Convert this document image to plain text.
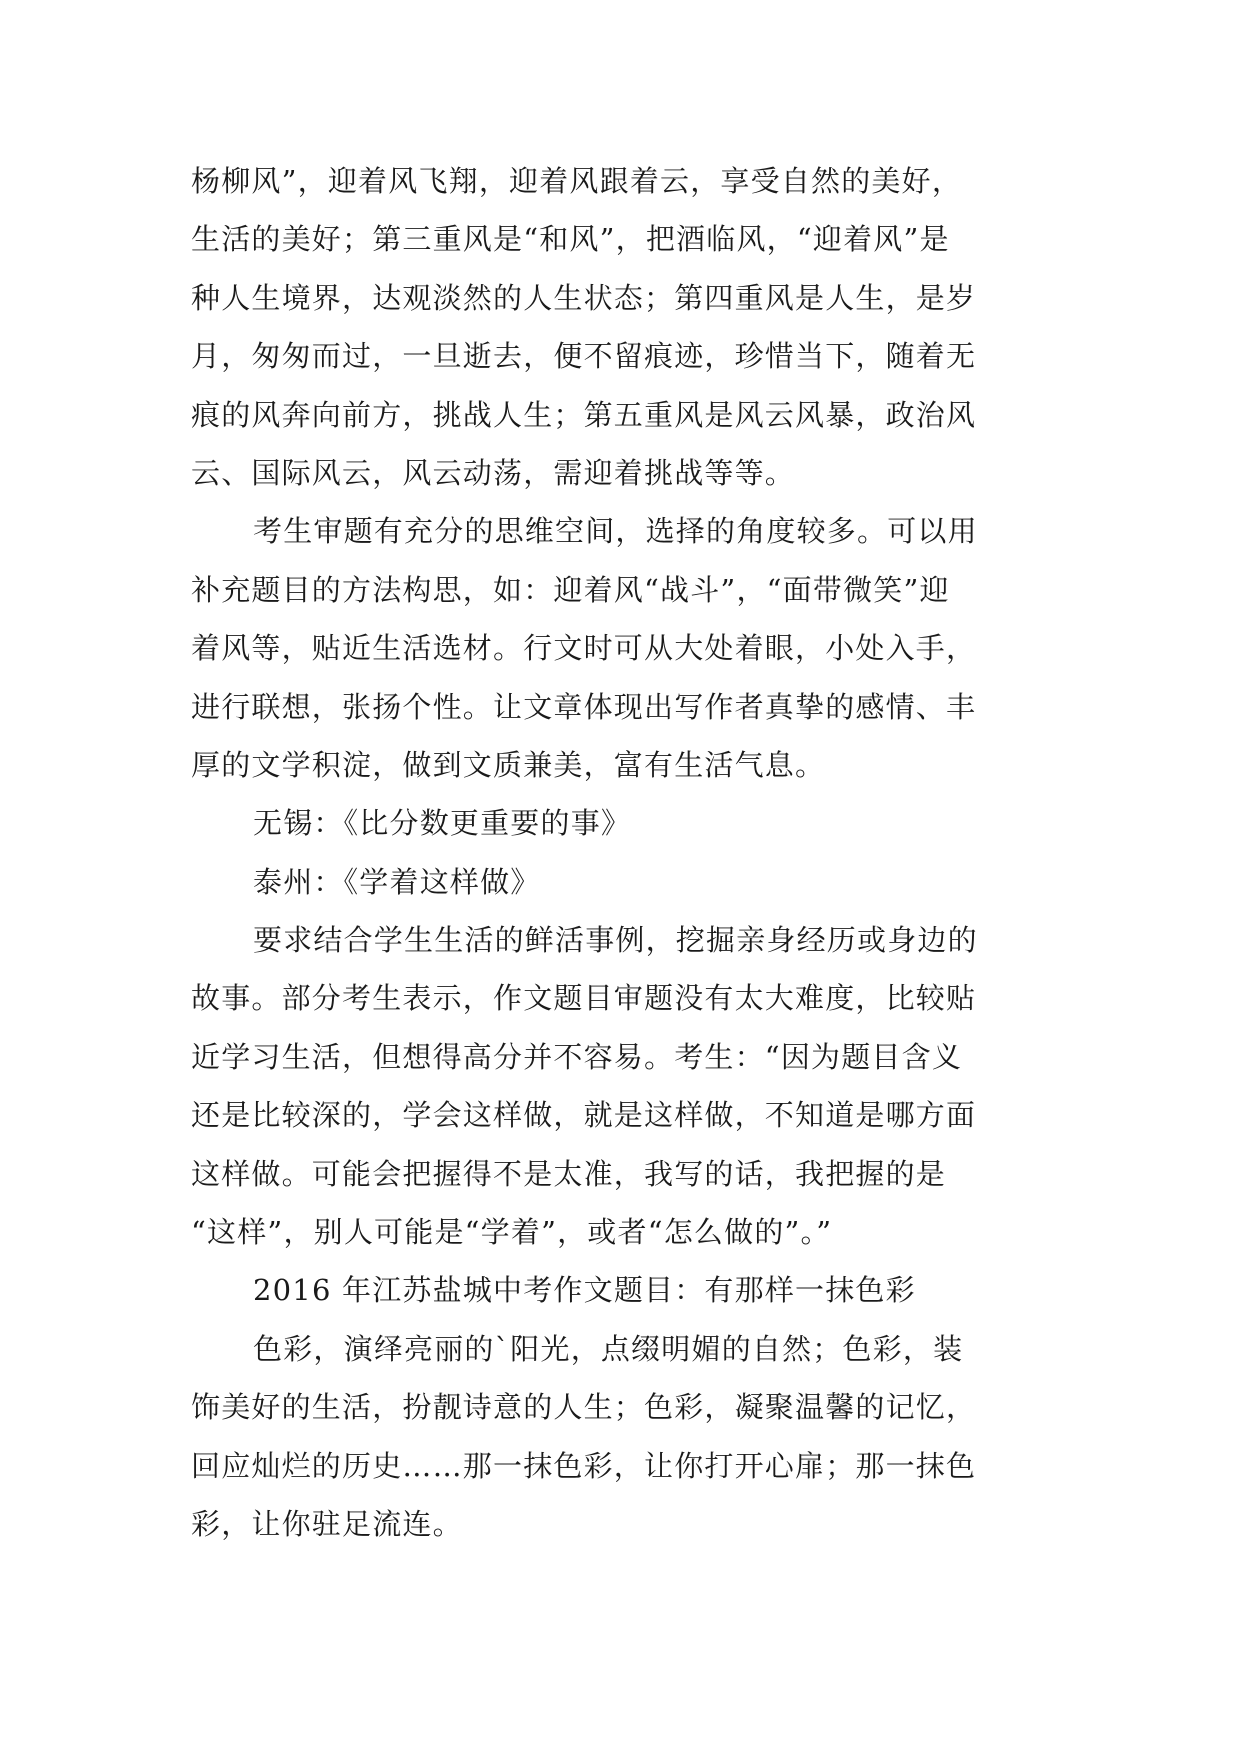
杨柳风”，迎着风飞翔，迎着风跟着云，享受自然的美好，
生活的美好；第三重风是“和风”，把酒临风，“迎着风”是
种人生境界，达观淡然的人生状态；第四重风是人生，是岁
月，匆匆而过，一旦逝去，便不留痕迹，珍惜当下，随着无
痕的风奔向前方，挑战人生；第五重风是风云风暴，政治风
云、国际风云，风云动荡，需迎着挑战等等。
考生审题有充分的思维空间，选择的角度较多。可以用
补充题目的方法构思，如：迎着风“战斗”，“面带微笑”迎
着风等，贴近生活选材。行文时可从大处着眼，小处入手，
进行联想，张扬个性。让文章体现出写作者真挚的感情、丰
厚的文学积淀，做到文质兼美，富有生活气息。
无锡：《比分数更重要的事》
泰州：《学着这样做》
要求结合学生生活的鲜活事例，挖掘亲身经历或身边的
故事。部分考生表示，作文题目审题没有太大难度，比较贴
近学习生活，但想得高分并不容易。考生：“因为题目含义
还是比较深的，学会这样做，就是这样做，不知道是哪方面
这样做。可能会把握得不是太准，我写的话，我把握的是
“这样”，别人可能是“学着”，或者“怎么做的”。”
2016 年江苏盐城中考作文题目：有那样一抹色彩
色彩，演绎亮丽的`阳光，点缀明媚的自然；色彩，装
饰美好的生活，扮靓诗意的人生；色彩，凝聚温馨的记忆，
回应灿烂的历史……那一抹色彩，让你打开心扉；那一抹色
彩，让你驻足流连。
